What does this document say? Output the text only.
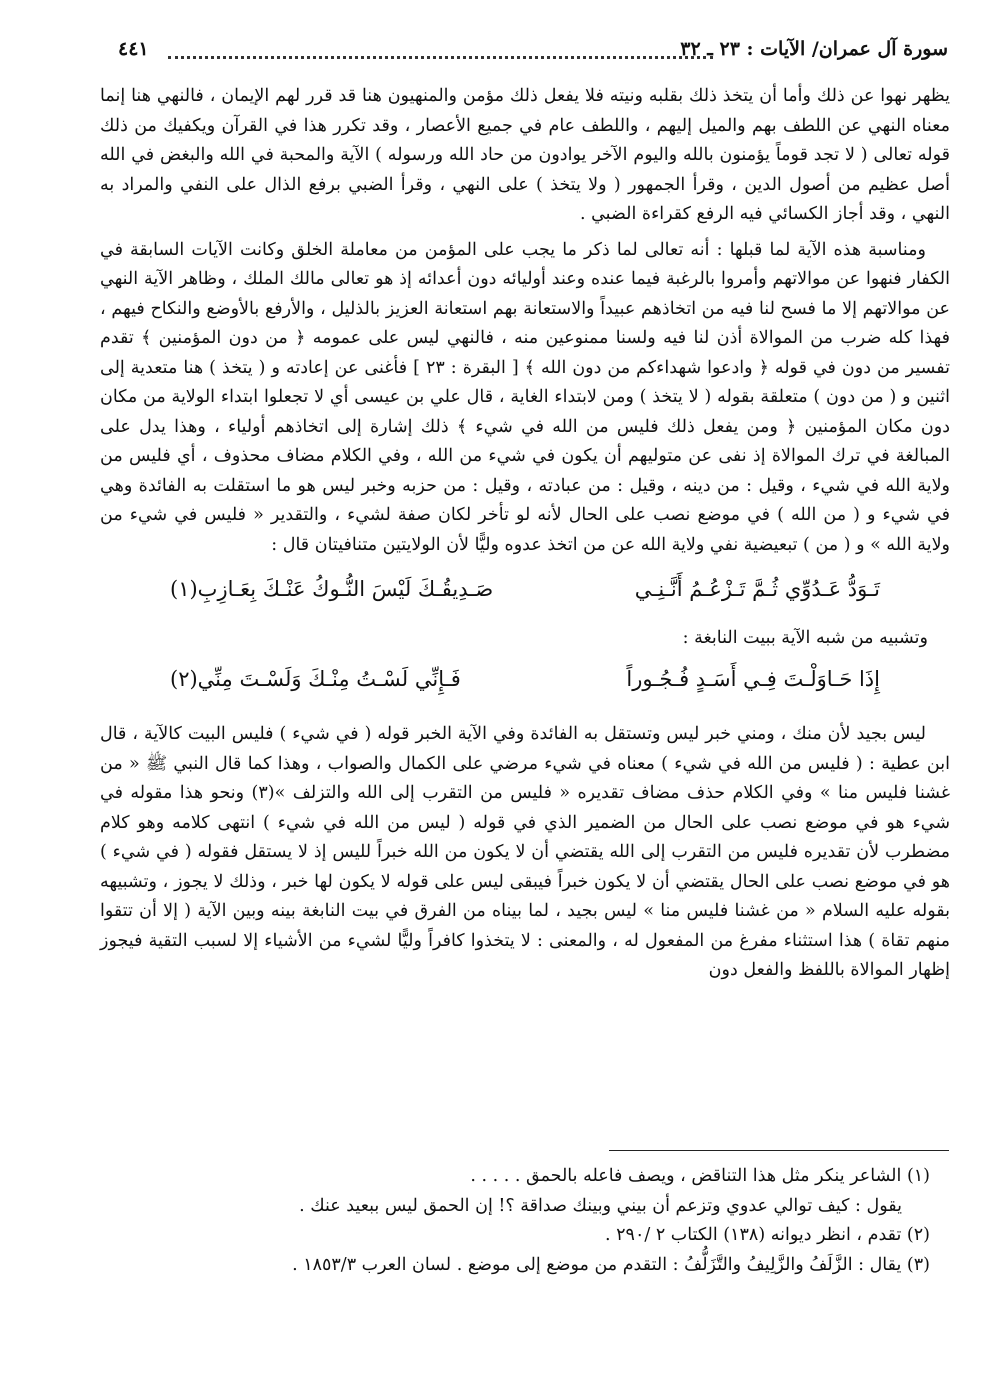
٤٤١	سورة آل عمران/ الآيات : ٢٣ ـ ٣٢

يظهر نهوا عن ذلك وأما أن يتخذ ذلك بقلبه ونيته فلا يفعل ذلك مؤمن والمنهيون هنا قد قرر لهم الإيمان ، فالنهي هنا إنما معناه النهي عن اللطف بهم والميل إليهم ، واللطف عام في جميع الأعصار ، وقد تكرر هذا في القرآن ويكفيك من ذلك قوله تعالى ( لا تجد قوماً يؤمنون بالله واليوم الآخر يوادون من حاد الله ورسوله ) الآية والمحبة في الله والبغض في الله أصل عظيم من أصول الدين ، وقرأ الجمهور ( ولا يتخذ ) على النهي ، وقرأ الضبي برفع الذال على النفي والمراد به النهي ، وقد أجاز الكسائي فيه الرفع كقراءة الضبي .

ومناسبة هذه الآية لما قبلها : أنه تعالى لما ذكر ما يجب على المؤمن من معاملة الخلق وكانت الآيات السابقة في الكفار فنهوا عن موالاتهم وأمروا بالرغبة فيما عنده وعند أوليائه دون أعدائه إذ هو تعالى مالك الملك ، وظاهر الآية النهي عن موالاتهم إلا ما فسح لنا فيه من اتخاذهم عبيداً والاستعانة بهم استعانة العزيز بالذليل ، والأرفع بالأوضع والنكاح فيهم ، فهذا كله ضرب من الموالاة أذن لنا فيه ولسنا ممنوعين منه ، فالنهي ليس على عمومه ﴿ من دون المؤمنين ﴾ تقدم تفسير من دون في قوله ﴿ وادعوا شهداءكم من دون الله ﴾ [ البقرة : ٢٣ ] فأغنى عن إعادته و ( يتخذ ) هنا متعدية إلى اثنين و ( من دون ) متعلقة بقوله ( لا يتخذ ) ومن لابتداء الغاية ، قال علي بن عيسى أي لا تجعلوا ابتداء الولاية من مكان دون مكان المؤمنين ﴿ ومن يفعل ذلك فليس من الله في شيء ﴾ ذلك إشارة إلى اتخاذهم أولياء ، وهذا يدل على المبالغة في ترك الموالاة إذ نفى عن متوليهم أن يكون في شيء من الله ، وفي الكلام مضاف محذوف ، أي فليس من ولاية الله في شيء ، وقيل : من دينه ، وقيل : من عبادته ، وقيل : من حزبه وخبر ليس هو ما استقلت به الفائدة وهي في شيء و ( من الله ) في موضع نصب على الحال لأنه لو تأخر لكان صفة لشيء ، والتقدير « فليس في شيء من ولاية الله » و ( من ) تبعيضية نفي ولاية الله عن من اتخذ عدوه وليًّا لأن الولايتين متنافيتان قال :

تَـوَدُّ عَـدُوِّي ثُـمَّ تَـزْعُـمُ أَنَّـنِـي
صَـدِيقُـكَ لَيْسَ النُّـوكُ عَنْـكَ بِعَـازِبِ(١)
وتشبيه من شبه الآية ببيت النابغة :
إِذَا حَـاوَلْـتَ فِـي أَسَـدٍ فُـجُـوراً
فَـإِنِّي لَسْـتُ مِنْـكَ وَلَسْـتَ مِنِّي(٢)

ليس بجيد لأن منك ، ومني خبر ليس وتستقل به الفائدة وفي الآية الخبر قوله ( في شيء ) فليس البيت كالآية ، قال ابن عطية : ( فليس من الله في شيء ) معناه في شيء مرضي على الكمال والصواب ، وهذا كما قال النبي ﷺ « من غشنا فليس منا » وفي الكلام حذف مضاف تقديره « فليس من التقرب إلى الله والتزلف »(٣) ونحو هذا مقوله في شيء هو في موضع نصب على الحال من الضمير الذي في قوله ( ليس من الله في شيء ) انتهى كلامه وهو كلام مضطرب لأن تقديره فليس من التقرب إلى الله يقتضي أن لا يكون من الله خبراً لليس إذ لا يستقل فقوله ( في شيء ) هو في موضع نصب على الحال يقتضي أن لا يكون خبراً فيبقى ليس على قوله لا يكون لها خبر ، وذلك لا يجوز ، وتشبيهه بقوله عليه السلام « من غشنا فليس منا » ليس بجيد ، لما بيناه من الفرق في بيت النابغة بينه وبين الآية ( إلا أن تتقوا منهم تقاة ) هذا استثناء مفرغ من المفعول له ، والمعنى : لا يتخذوا كافراً وليًّا لشيء من الأشياء إلا لسبب التقية فيجوز إظهار الموالاة باللفظ والفعل دون

(١) الشاعر ينكر مثل هذا التناقض ، ويصف فاعله بالحمق . . . . .

يقول : كيف توالي عدوي وتزعم أن بيني وبينك صداقة ؟! إن الحمق ليس ببعيد عنك .

(٢) تقدم ، انظر ديوانه (١٣٨) الكتاب ٢ /٢٩٠ .

(٣) يقال : الزَّلَفُ والزَّلِيفُ والتَّزَلُّفُ : التقدم من موضع إلى موضع . لسان العرب ١٨٥٣/٣ .
